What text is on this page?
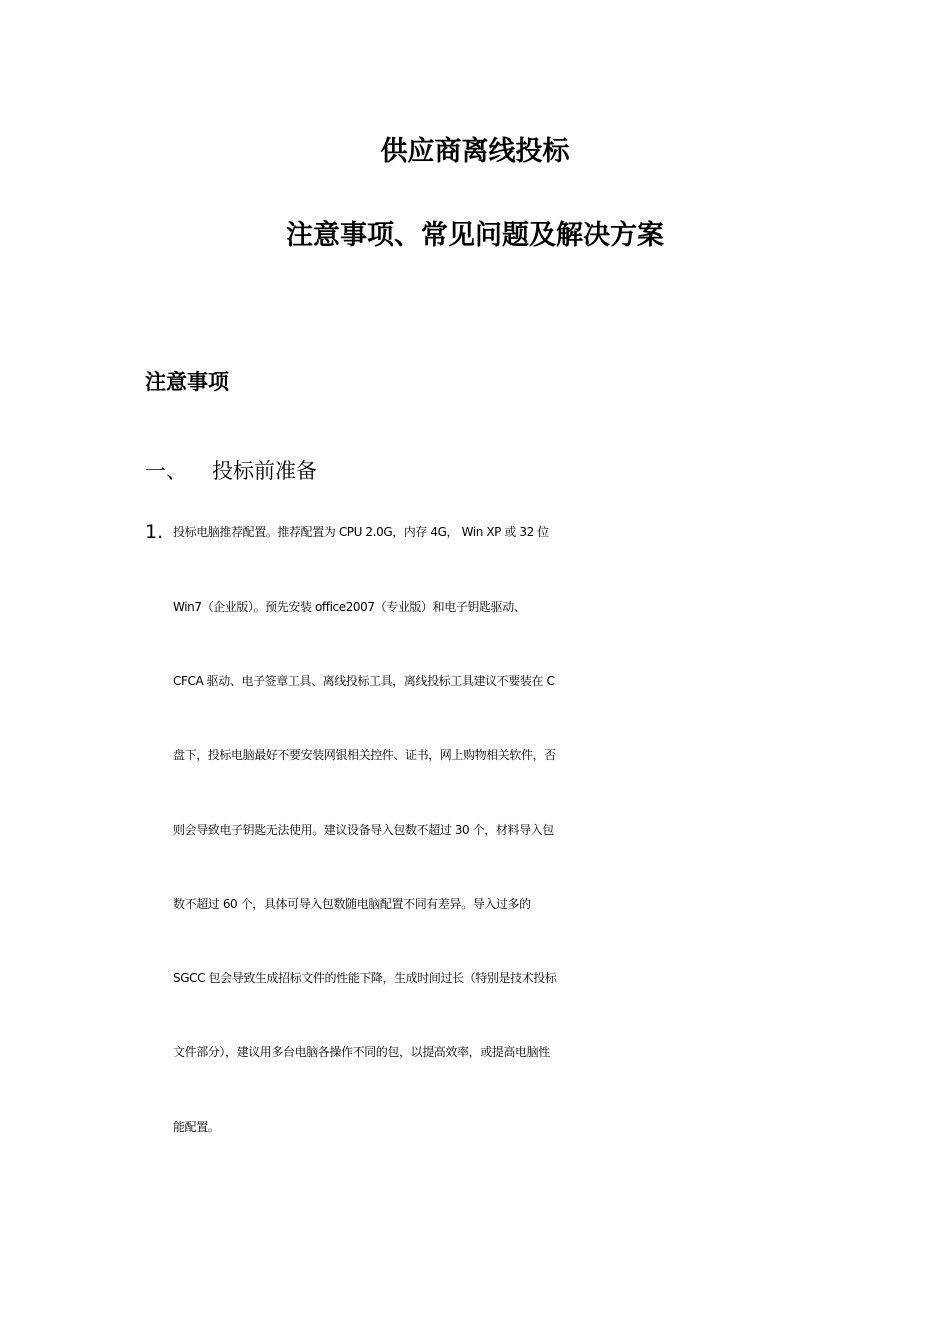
供应商离线投标
注意事项、常见问题及解决方案
注意事项
一、 投标前准备
1. 投标电脑推荐配置。推荐配置为 CPU 2.0G，内存 4G， Win XP 或 32 位
Win7（企业版）。预先安装 office2007（专业版）和电子钥匙驱动、
CFCA 驱动、电子签章工具、离线投标工具，离线投标工具建议不要装在 C
盘下，投标电脑最好不要安装网银相关控件、证书，网上购物相关软件，否
则会导致电子钥匙无法使用。建议设备导入包数不超过 30 个，材料导入包
数不超过 60 个，具体可导入包数随电脑配置不同有差异。导入过多的
SGCC 包会导致生成招标文件的性能下降，生成时间过长（特别是技术投标
文件部分），建议用多台电脑各操作不同的包，以提高效率，或提高电脑性
能配置。
